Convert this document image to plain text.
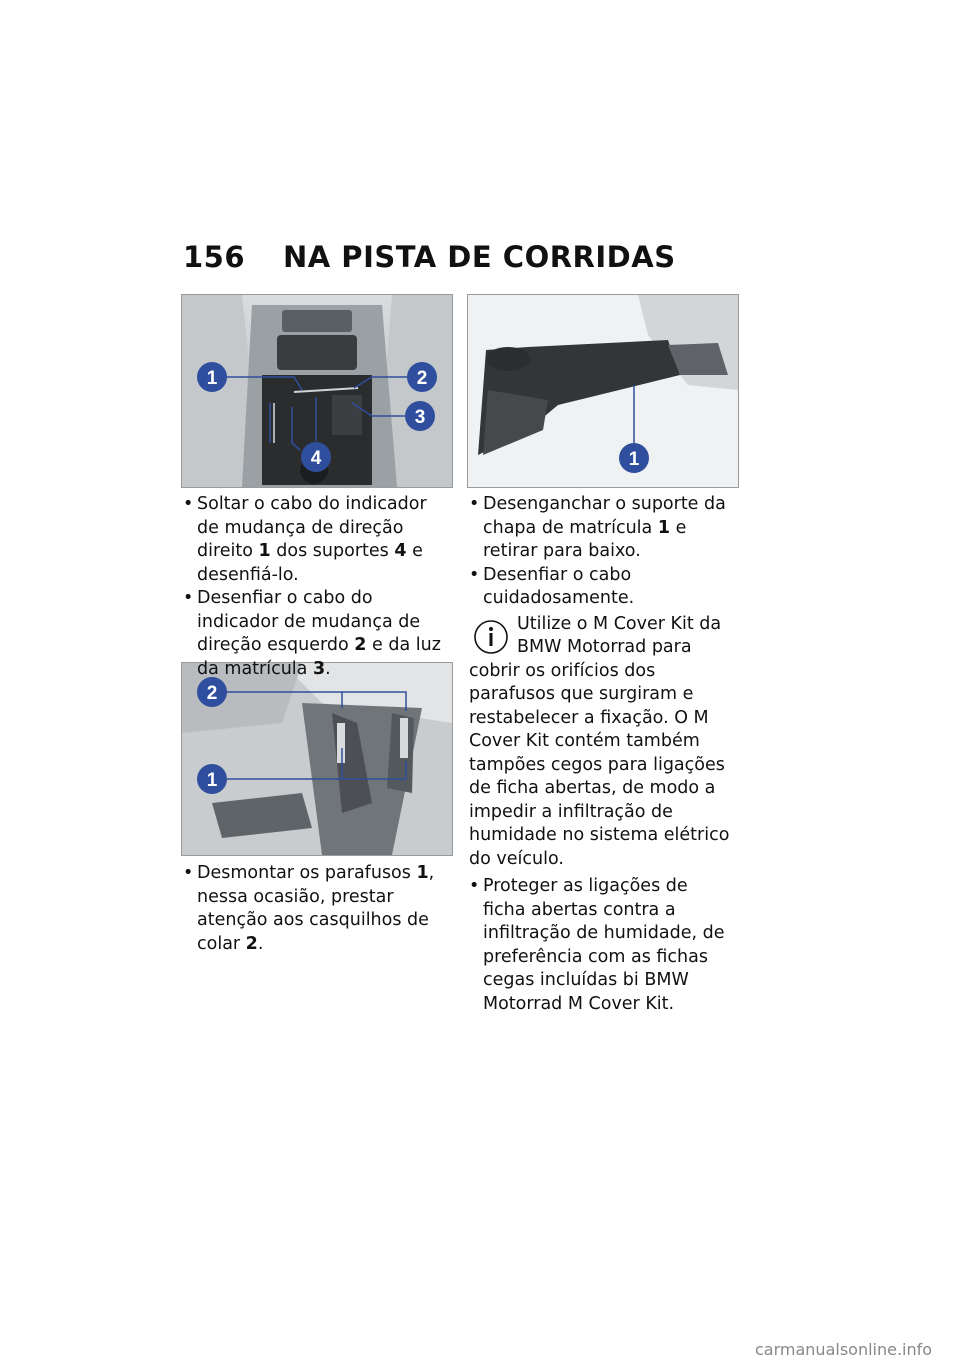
156 NA PISTA DE CORRIDAS
1	2
3
4
2
1
1

• Soltar o cabo do indicador de mudança de direção direito 1 dos suportes 4 e desenfiá-lo.

• Desenfiar o cabo do indicador de mudança de direção esquerdo 2 e da luz da matrícula 3.

• Desmontar os parafusos 1, nessa ocasião, prestar atenção aos casquilhos de colar 2.

• Desenganchar o suporte da chapa de matrícula 1 e retirar para baixo.

• Desenfiar o cabo cuidadosamente.

Utilize o M Cover Kit da BMW Motorrad para cobrir os orifícios dos parafusos que surgiram e restabelecer a fixação. O M Cover Kit contém também tampões cegos para ligações de ficha abertas, de modo a impedir a infiltração de humidade no sistema elétrico do veículo.

• Proteger as ligações de ficha abertas contra a infiltração de humidade, de preferência com as fichas cegas incluídas bi BMW Motorrad M Cover Kit.

carmanualsonline.info
